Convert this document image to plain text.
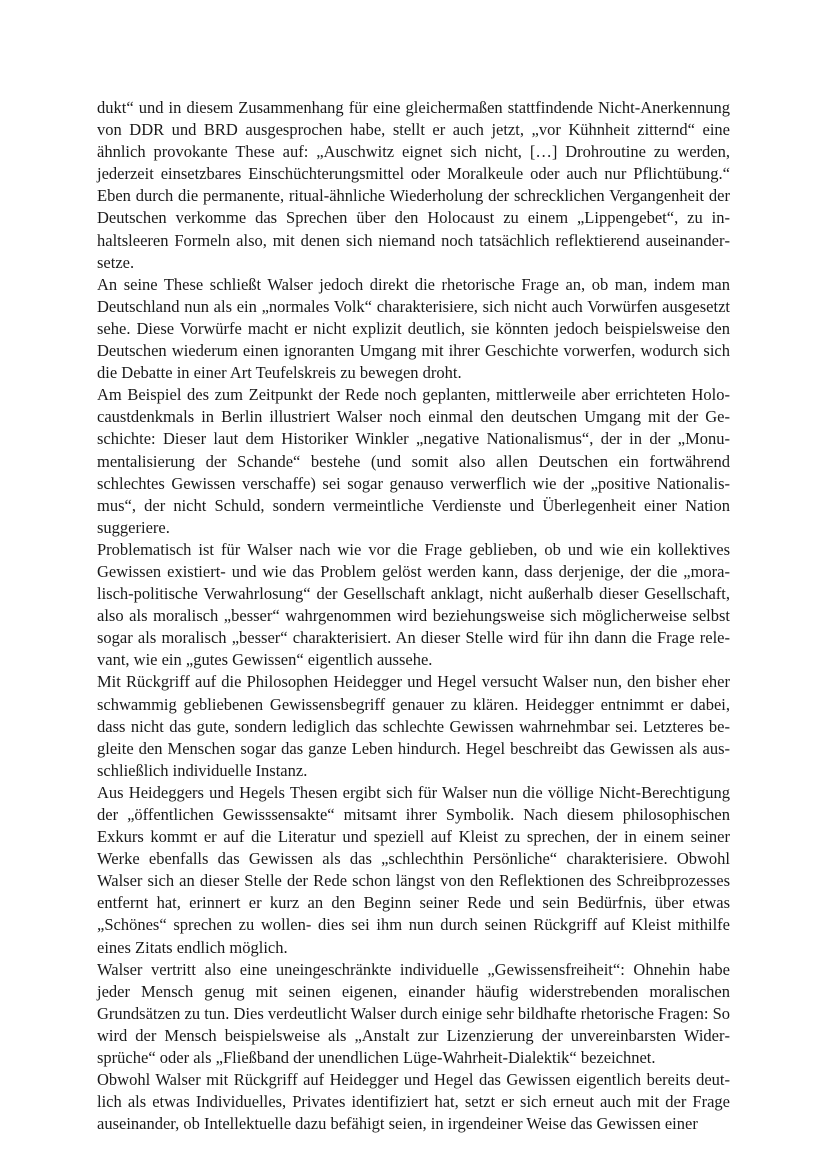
dukt“ und in diesem Zusammenhang für eine gleichermaßen stattfindende Nicht-Anerkennung von DDR und BRD ausgesprochen habe, stellt er auch jetzt, „vor Kühnheit zitternd“ eine ähnlich provokante These auf: „Auschwitz eignet sich nicht, […] Drohroutine zu werden, jederzeit einsetzbares Einschüchterungsmittel oder Moralkeule oder auch nur Pflichtübung.“ Eben durch die permanente, ritual-ähnliche Wiederholung der schrecklichen Vergangenheit der Deutschen verkomme das Sprechen über den Holocaust zu einem „Lippengebet“, zu inhaltsleeren Formeln also, mit denen sich niemand noch tatsächlich reflektierend auseinandersetze.

An seine These schließt Walser jedoch direkt die rhetorische Frage an, ob man, indem man Deutschland nun als ein „normales Volk“ charakterisiere, sich nicht auch Vorwürfen ausgesetzt sehe. Diese Vorwürfe macht er nicht explizit deutlich, sie könnten jedoch beispielsweise den Deutschen wiederum einen ignoranten Umgang mit ihrer Geschichte vorwerfen, wodurch sich die Debatte in einer Art Teufelskreis zu bewegen droht.

Am Beispiel des zum Zeitpunkt der Rede noch geplanten, mittlerweile aber errichteten Holocaustdenkmals in Berlin illustriert Walser noch einmal den deutschen Umgang mit der Geschichte: Dieser laut dem Historiker Winkler „negative Nationalismus“, der in der „Monumentalisierung der Schande“ bestehe (und somit also allen Deutschen ein fortwährend schlechtes Gewissen verschaffe) sei sogar genauso verwerflich wie der „positive Nationalismus“, der nicht Schuld, sondern vermeintliche Verdienste und Überlegenheit einer Nation suggeriere.

Problematisch ist für Walser nach wie vor die Frage geblieben, ob und wie ein kollektives Gewissen existiert- und wie das Problem gelöst werden kann, dass derjenige, der die „moralisch-politische Verwahrlosung“ der Gesellschaft anklagt, nicht außerhalb dieser Gesellschaft, also als moralisch „besser“ wahrgenommen wird beziehungsweise sich möglicherweise selbst sogar als moralisch „besser“ charakterisiert. An dieser Stelle wird für ihn dann die Frage relevant, wie ein „gutes Gewissen“ eigentlich aussehe.

Mit Rückgriff auf die Philosophen Heidegger und Hegel versucht Walser nun, den bisher eher schwammig gebliebenen Gewissensbegriff genauer zu klären. Heidegger entnimmt er dabei, dass nicht das gute, sondern lediglich das schlechte Gewissen wahrnehmbar sei. Letzteres begleite den Menschen sogar das ganze Leben hindurch. Hegel beschreibt das Gewissen als ausschließlich individuelle Instanz.

Aus Heideggers und Hegels Thesen ergibt sich für Walser nun die völlige Nicht-Berechtigung der „öffentlichen Gewisssensakte“ mitsamt ihrer Symbolik. Nach diesem philosophischen Exkurs kommt er auf die Literatur und speziell auf Kleist zu sprechen, der in einem seiner Werke ebenfalls das Gewissen als das „schlechthin Persönliche“ charakterisiere. Obwohl Walser sich an dieser Stelle der Rede schon längst von den Reflektionen des Schreibprozesses entfernt hat, erinnert er kurz an den Beginn seiner Rede und sein Bedürfnis, über etwas „Schönes“ sprechen zu wollen- dies sei ihm nun durch seinen Rückgriff auf Kleist mithilfe eines Zitats endlich möglich.

Walser vertritt also eine uneingeschränkte individuelle „Gewissensfreiheit“: Ohnehin habe jeder Mensch genug mit seinen eigenen, einander häufig widerstrebenden moralischen Grundsätzen zu tun. Dies verdeutlicht Walser durch einige sehr bildhafte rhetorische Fragen: So wird der Mensch beispielsweise als „Anstalt zur Lizenzierung der unvereinbarsten Widersprüche“ oder als „Fließband der unendlichen Lüge-Wahrheit-Dialektik“ bezeichnet.

Obwohl Walser mit Rückgriff auf Heidegger und Hegel das Gewissen eigentlich bereits deutlich als etwas Individuelles, Privates identifiziert hat, setzt er sich erneut auch mit der Frage auseinander, ob Intellektuelle dazu befähigt seien, in irgendeiner Weise das Gewissen einer
